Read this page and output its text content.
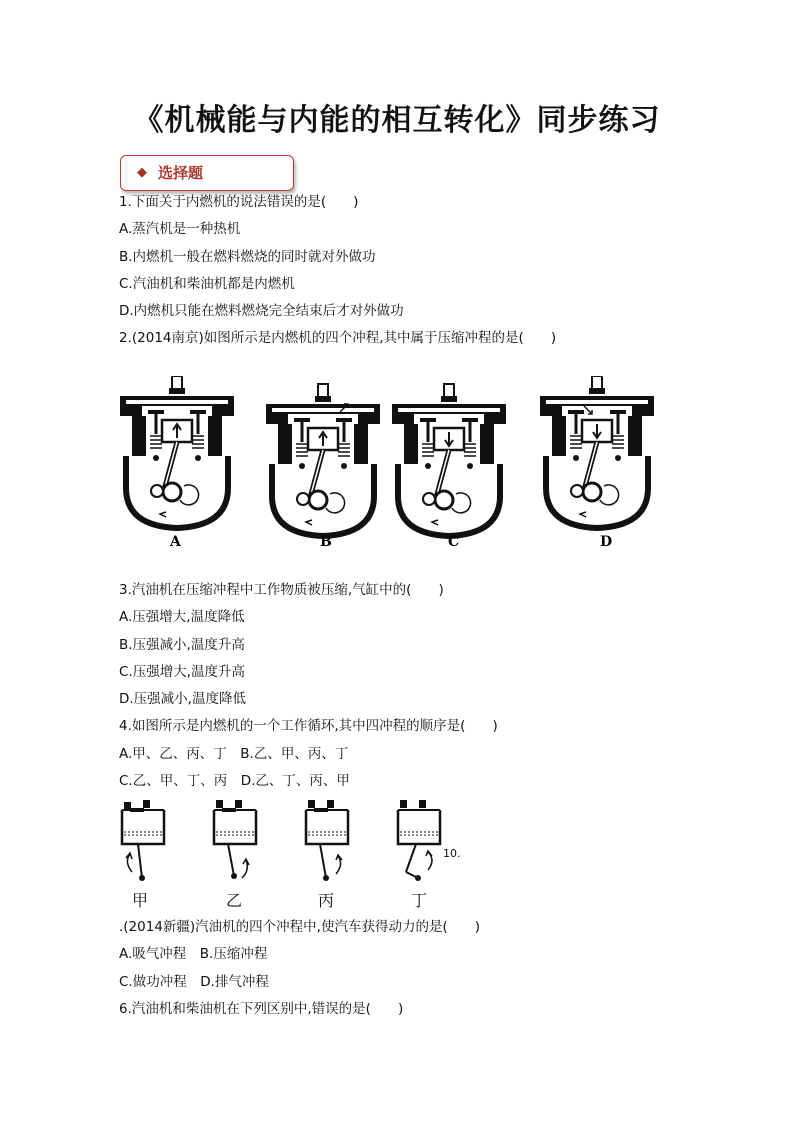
《机械能与内能的相互转化》同步练习
◆ 选择题
1.下面关于内燃机的说法错误的是(　　)
A.蒸汽机是一种热机
B.内燃机一般在燃料燃烧的同时就对外做功
C.汽油机和柴油机都是内燃机
D.内燃机只能在燃料燃烧完全结束后才对外做功
2.(2014南京)如图所示是内燃机的四个冲程,其中属于压缩冲程的是(　　)
A	B	C	D
3.汽油机在压缩冲程中工作物质被压缩,气缸中的(　　)
A.压强增大,温度降低
B.压强减小,温度升高
C.压强增大,温度升高
D.压强减小,温度降低
4.如图所示是内燃机的一个工作循环,其中四冲程的顺序是(　　)
A.甲、乙、丙、丁　B.乙、甲、丙、丁
C.乙、甲、丁、丙　D.乙、丁、丙、甲
甲	乙	丙	丁
10.
.(2014新疆)汽油机的四个冲程中,使汽车获得动力的是(　　)
A.吸气冲程　B.压缩冲程
C.做功冲程　D.排气冲程
6.汽油机和柴油机在下列区别中,错误的是(　　)
